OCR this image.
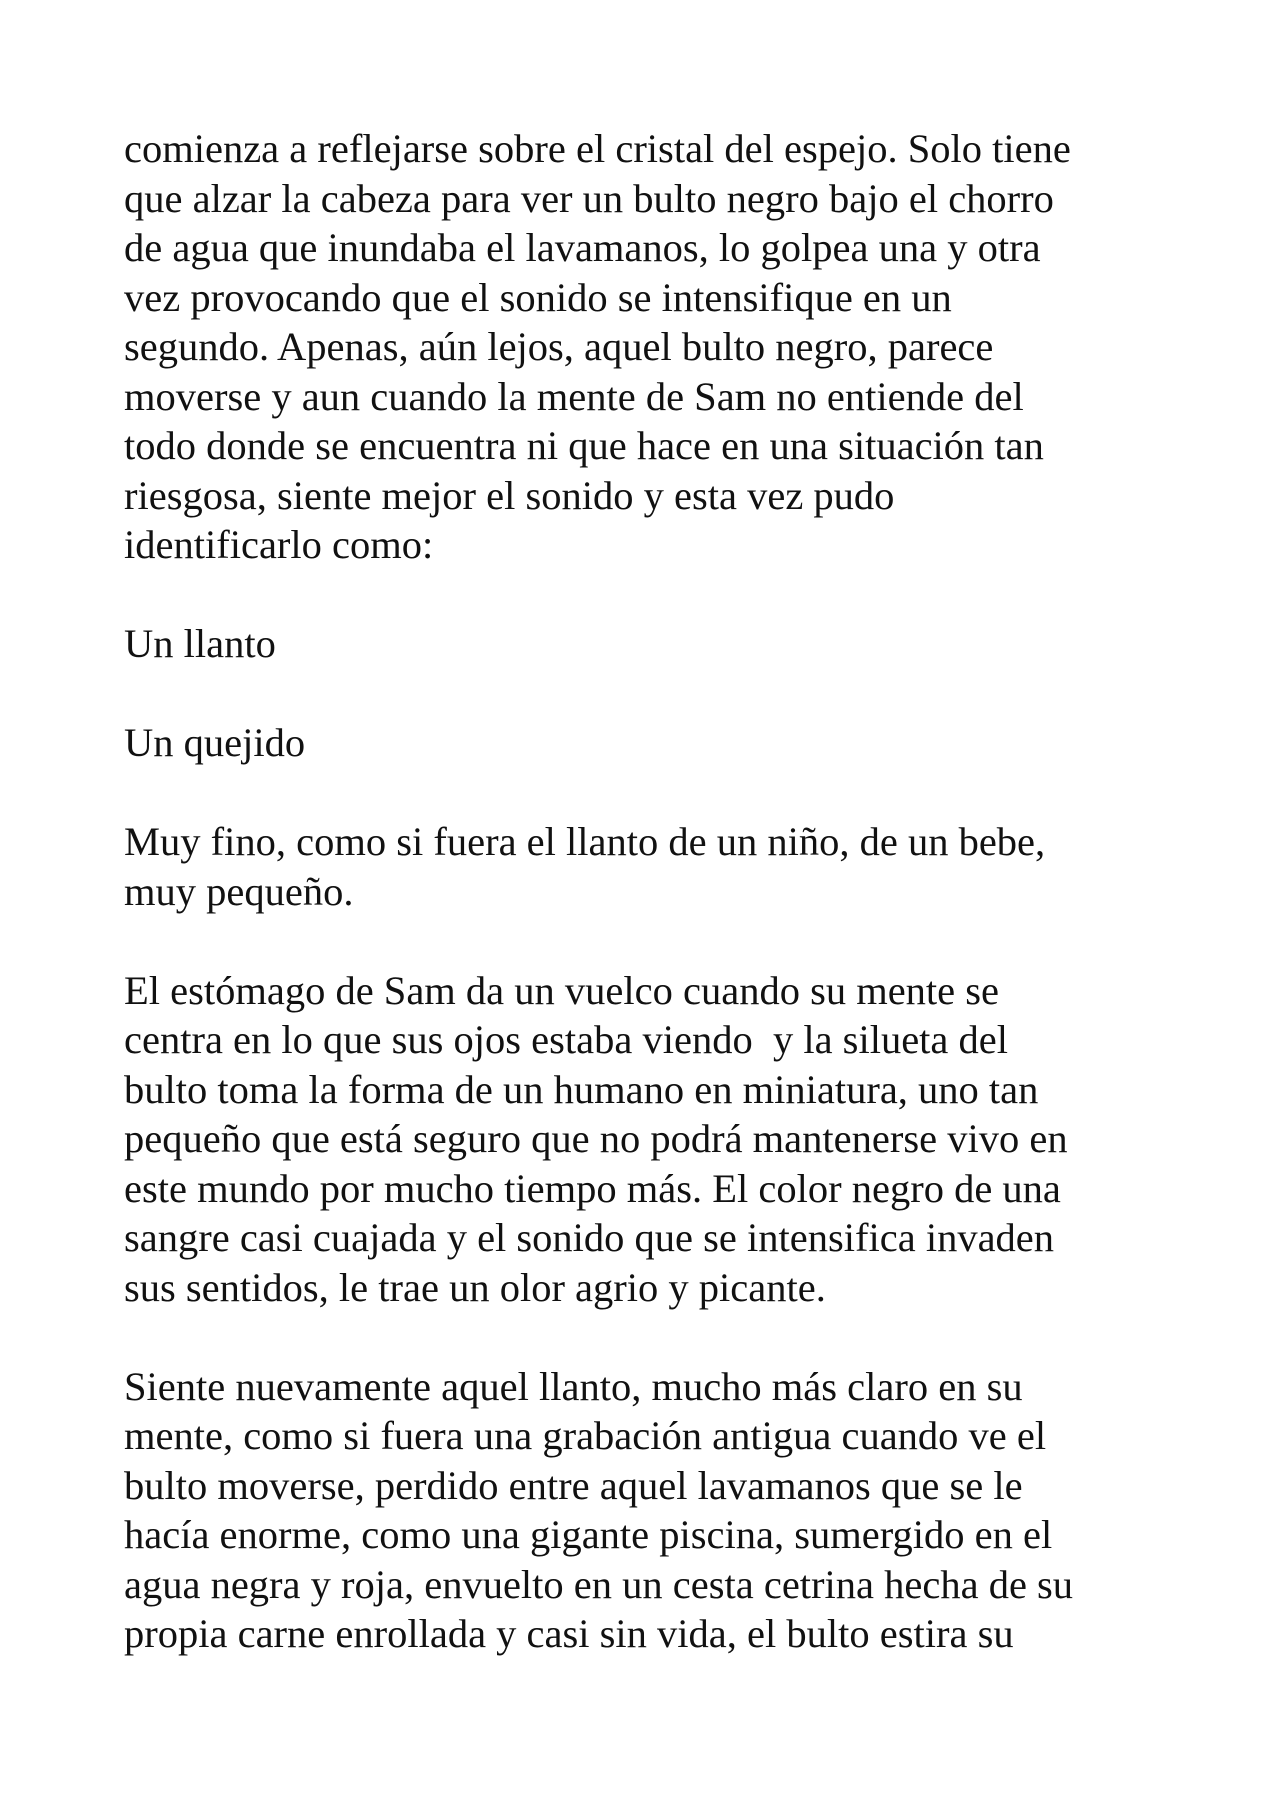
comienza a reflejarse sobre el cristal del espejo. Solo tiene
que alzar la cabeza para ver un bulto negro bajo el chorro
de agua que inundaba el lavamanos, lo golpea una y otra
vez provocando que el sonido se intensifique en un
segundo. Apenas, aún lejos, aquel bulto negro, parece
moverse y aun cuando la mente de Sam no entiende del
todo donde se encuentra ni que hace en una situación tan
riesgosa, siente mejor el sonido y esta vez pudo
identificarlo como:
Un llanto
Un quejido
Muy fino, como si fuera el llanto de un niño, de un bebe,
muy pequeño.
El estómago de Sam da un vuelco cuando su mente se
centra en lo que sus ojos estaba viendo  y la silueta del
bulto toma la forma de un humano en miniatura, uno tan
pequeño que está seguro que no podrá mantenerse vivo en
este mundo por mucho tiempo más. El color negro de una
sangre casi cuajada y el sonido que se intensifica invaden
sus sentidos, le trae un olor agrio y picante.
Siente nuevamente aquel llanto, mucho más claro en su
mente, como si fuera una grabación antigua cuando ve el
bulto moverse, perdido entre aquel lavamanos que se le
hacía enorme, como una gigante piscina, sumergido en el
agua negra y roja, envuelto en un cesta cetrina hecha de su
propia carne enrollada y casi sin vida, el bulto estira su
